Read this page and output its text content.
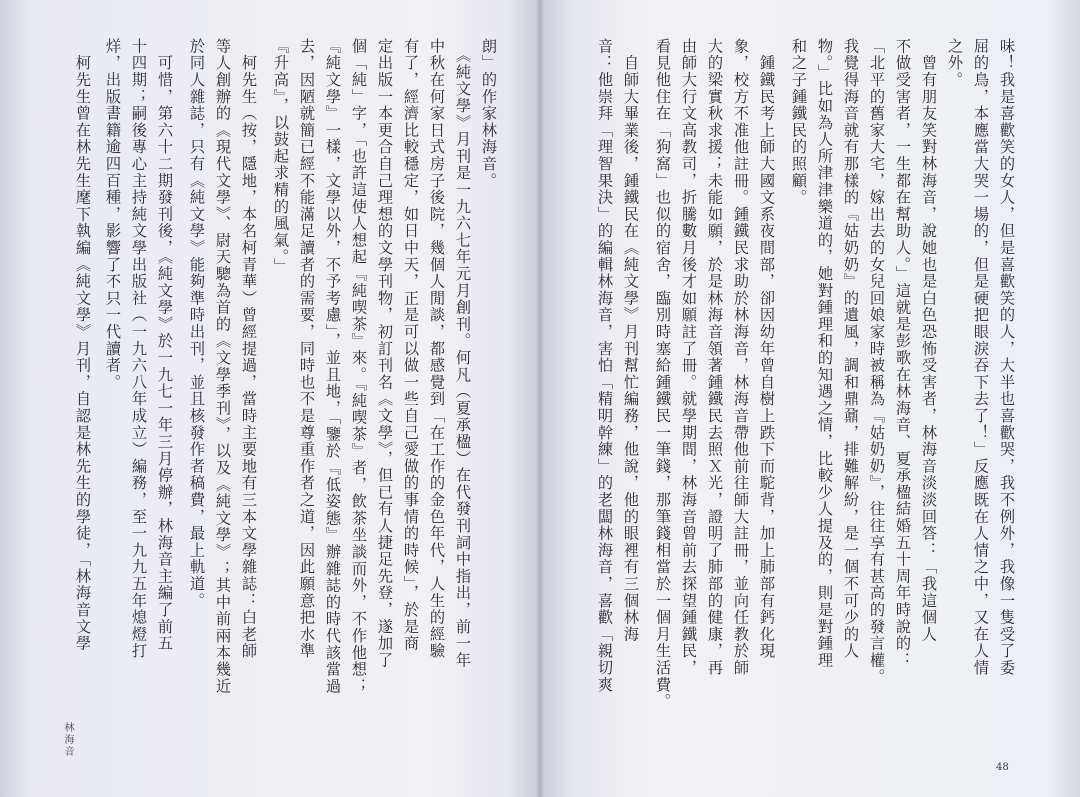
朗」的作家林海音。
　《純文學》月刊是一九六七年元月創刊。何凡（夏承楹）在代發刊詞中指出，前一年
中秋在何家日式房子後院，幾個人閒談，都感覺到「在工作的金色年代，人生的經驗
有了，經濟比較穩定，如日中天，正是可以做一些自己愛做的事情的時候」，於是商
定出版一本更合自己理想的文學刊物，初訂刊名《文學》，但已有人捷足先登，遂加了
個「純」字，「也許這使人想起『純喫茶』來。『純喫茶』者，飲茶坐談而外，不作他想；
『純文學』一樣，文學以外，不予考慮」，並且地，「鑒於『低姿態』辦雜誌的時代該當過
去，因陋就簡已經不能滿足讀者的需要，同時也不是尊重作者之道，因此願意把水準
『升高』，以鼓起求精的風氣。」
　柯先生（按，隱地，本名柯青華）曾經提過，當時主要地有三本文學雜誌：白老師
等人創辦的《現代文學》、尉天驄為首的《文學季刊》，以及《純文學》；其中前兩本幾近
於同人雜誌，只有《純文學》能夠準時出刊，並且核發作者稿費，最上軌道。
　可惜，第六十二期發刊後，《純文學》於一九七一年三月停辦，林海音主編了前五
十四期；嗣後專心主持純文學出版社（一九六八年成立）編務，至一九九五年熄燈打
烊，出版書籍逾四百種，影響了不只一代讀者。
　柯先生曾在林先生麾下執編《純文學》月刊，自認是林先生的學徒，「林海音文學
林海音
味！我是喜歡笑的女人，但是喜歡笑的人，大半也喜歡哭，我不例外，我像一隻受了委
屈的鳥，本應當大哭一場的，但是硬把眼淚吞下去了！」反應既在人情之中，又在人情
之外。
　曾有朋友笑對林海音，說她也是白色恐怖受害者，林海音淡淡回答：「我這個人
不做受害者，一生都在幫助人。」這就是彭歌在林海音、夏承楹結婚五十周年時說的：
「北平的舊家大宅，嫁出去的女兒回娘家時被稱為『姑奶奶』，往往享有甚高的發言權。
我覺得海音就有那樣的『姑奶奶』的遺風，調和鼎鼐，排難解紛，是一個不可少的人
物。」比如為人所津津樂道的，她對鍾理和的知遇之情，比較少人提及的，則是對鍾理
和之子鍾鐵民的照顧。
　鍾鐵民考上師大國文系夜間部，卻因幼年曾自樹上跌下而駝背，加上肺部有鈣化現
象，校方不准他註冊。鍾鐵民求助於林海音，林海音帶他前往師大註冊，並向任教於師
大的梁實秋求援；未能如願，於是林海音領著鍾鐵民去照Ｘ光，證明了肺部的健康，再
由師大行文高教司，折騰數月後才如願註了冊。就學期間，林海音曾前去探望鍾鐵民，
看見他住在「狗窩」也似的宿舍，臨別時塞給鍾鐵民一筆錢，那筆錢相當於一個月生活費。
　自師大畢業後，鍾鐵民在《純文學》月刊幫忙編務，他說，他的眼裡有三個林海
音：他崇拜「理智果決」的編輯林海音，害怕「精明幹練」的老闆林海音，喜歡「親切爽
48
